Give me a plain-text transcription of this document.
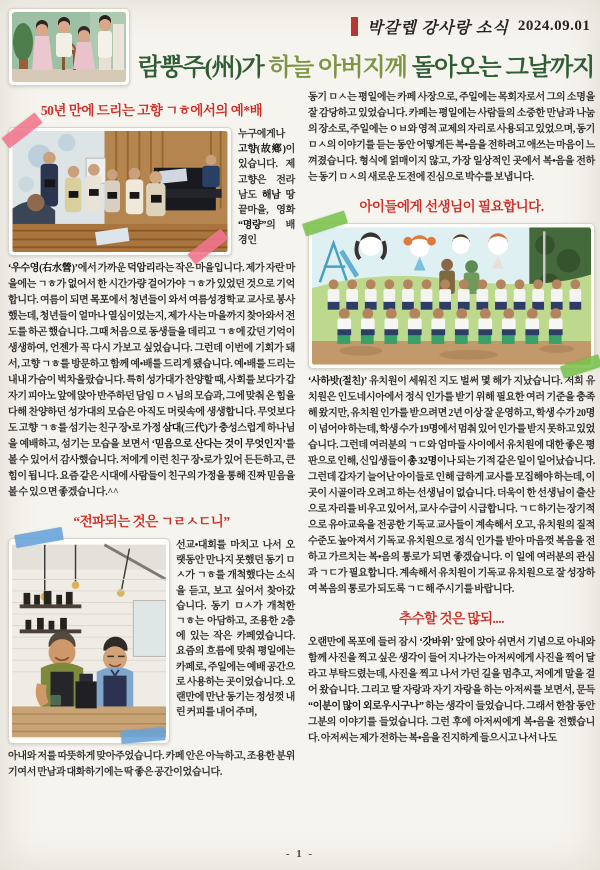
박갈렙 강사랑 소식 2024.09.01
람뿡주(州)가 하늘 아버지께 돌아오는 그날까지
50년 만에 드리는 고향 ㄱㅎ에서의 예*배

누구에게나 고향(故鄕)이 있습니다. 제 고향은 전라남도 해남 땅끝마을, 영화 “명량”의 배경인

‘우수영(右水營)’에서 가까운 덕암리라는 작은 마을입니다. 제가 자란 마을에는 ㄱㅎ가 없어서 한 시간가량 걸어가야 ㄱㅎ가 있었던 것으로 기억합니다. 여름이 되면 목포에서 청년들이 와서 여름성경학교 교사로 봉사했는데, 청년들이 얼마나 열심이었는지, 제가 사는 마을까지 찾아와서 전도를 하곤 했습니다. 그때 처음으로 동생들을 데리고 ㄱㅎ에 갔던 기억이 생생하여, 언젠가 꼭 다시 가보고 싶었습니다. 그런데 이번에 기회가 돼서, 고향 ㄱㅎ를 방문하고 함께 예•배를 드리게 됐습니다. 예•배를 드리는 내내 가슴이 벅차올랐습니다. 특히 성가대가 찬양할 때, 사회를 보다가 갑자기 피아노 앞에 앉아 반주하던 담임 ㅁㅅ님의 모습과, 그에 맞춰 온 힘을 다해 찬양하던 성가대의 모습은 아직도 머릿속에 생생합니다. 무엇보다도 고향 ㄱㅎ를 섬기는 친구 장•로 가정 삼대(三代)가 충성스럽게 하나님을 예배하고, 섬기는 모습을 보면서 ‘믿음으로 산다는 것이 무엇인지’를 볼 수 있어서 감사했습니다. 저에게 이런 친구 장•로가 있어 든든하고, 큰 힘이 됩니다. 요즘 같은 시대에 사람들이 친구의 가정을 통해 진짜 믿음을 볼 수 있으면 좋겠습니다.^^

“전파되는 것은 ㄱㄹㅅㄷ니”

선교•대회를 마치고 나서 오랫동안 만나지 못했던 동기 ㅁㅅ가 ㄱㅎ를 개척했다는 소식을 듣고, 보고 싶어서 찾아갔습니다. 동기 ㅁㅅ가 개척한 ㄱㅎ는 아담하고, 조용한 2층에 있는 작은 카페였습니다. 요즘의 흐름에 맞춰 평일에는 카페로, 주일에는 예배 공간으로 사용하는 곳이었습니다. 오랜만에 만난 동기는 정성껏 내린 커피를 내어 주며,

아내와 저를 따뜻하게 맞아주었습니다. 카페 안은 아늑하고, 조용한 분위기여서 만남과 대화하기에는 딱 좋은 공간이었습니다.

동기 ㅁㅅ는 평일에는 카페 사장으로, 주일에는 목회자로서 그의 소명을 잘 감당하고 있었습니다. 카페는 평일에는 사람들의 소중한 만남과 나눔의 장소로, 주일에는 ㅇㅂ와 영적 교제의 자리로 사용되고 있었으며, 동기 ㅁㅅ의 이야기를 듣는 동안 어떻게든 복•음을 전하려고 애쓰는 마음이 느껴졌습니다. 형식에 얽매이지 않고, 가장 일상적인 곳에서 복•음을 전하는 동기 ㅁㅅ의 새로운 도전에 진심으로 박수를 보냅니다.

아이들에게 선생님이 필요합니다.

‘사하밧(절친)’ 유치원이 세워진 지도 벌써 몇 해가 지났습니다. 저희 유치원은 인도네시아에서 정식 인가를 받기 위해 필요한 여러 기준을 충족해 왔지만, 유치원 인가를 받으려면 2년 이상 잘 운영하고, 학생 수가 20명이 넘어야 하는데, 학생 수가 19명에서 멈춰 있어 인가를 받지 못하고 있었습니다. 그런데 여러분의 ㄱㄷ와 엄마들 사이에서 유치원에 대한 좋은 평판으로 인해, 신입생들이 총 32명이나 되는 기적 같은 일이 일어났습니다. 그런데 갑자기 늘어난 아이들로 인해 급하게 교사를 모집해야 하는데, 이곳이 시골이라 오려고 하는 선생님이 없습니다. 더욱이 한 선생님이 출산으로 자리를 비우고 있어서, 교사 수급이 시급합니다. ㄱㄷ하기는 장기적으로 유아교육을 전공한 기독교 교사들이 계속해서 오고, 유치원의 질적 수준도 높아져서 기독교 유치원으로 정식 인가를 받아 마음껏 복음을 전하고 가르치는 복•음의 통로가 되면 좋겠습니다. 이 일에 여러분의 관심과 ㄱㄷ가 필요합니다. 계속해서 유치원이 기독교 유치원으로 잘 성장하여 복음의 통로가 되도록 ㄱㄷ해 주시기를 바랍니다.

추수할 것은 많되....

오랜만에 목포에 들러 잠시 ‘갓바위’ 앞에 앉아 쉬면서 기념으로 아내와 함께 사진을 찍고 싶은 생각이 들어 지나가는 아저씨에게 사진을 찍어 달라고 부탁드렸는데, 사진을 찍고 나서 가던 길을 멈추고, 저에게 말을 걸어 왔습니다. 그리고 딸 자랑과 자기 자랑을 하는 아저씨를 보면서, 문득 “이분이 많이 외로우시구나” 하는 생각이 들었습니다. 그래서 한참 동안 그분의 이야기를 들었습니다. 그런 후에 아저씨에게 복•음을 전했습니다. 아저씨는 제가 전하는 복•음을 진지하게 들으시고 나서 나도

- 1 -
